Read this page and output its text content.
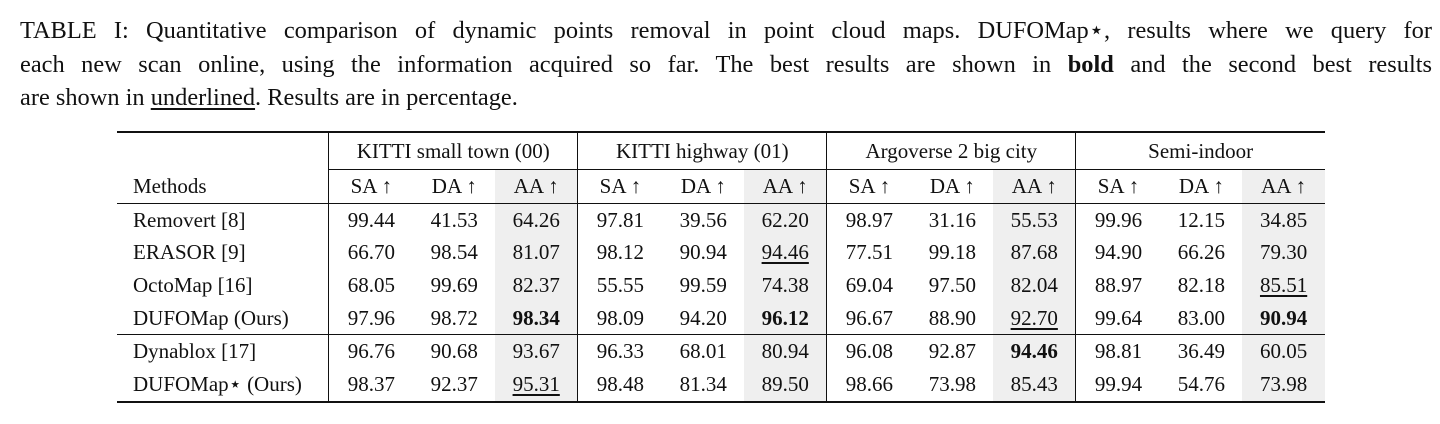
TABLE I: Quantitative comparison of dynamic points removal in point cloud maps. DUFOMap⋆, results where we query for
each new scan online, using the information acquired so far. The best results are shown in bold and the second best results
are shown in underlined. Results are in percentage.
	KITTI small town (00)			KITTI highway (01)			Argoverse 2 big city			Semi-indoor		
Methods	SA ↑	DA ↑	AA ↑	SA ↑	DA ↑	AA ↑	SA ↑	DA ↑	AA ↑	SA ↑	DA ↑	AA ↑
Removert [8]	99.44	41.53	64.26	97.81	39.56	62.20	98.97	31.16	55.53	99.96	12.15	34.85
ERASOR [9]	66.70	98.54	81.07	98.12	90.94	94.46	77.51	99.18	87.68	94.90	66.26	79.30
OctoMap [16]	68.05	99.69	82.37	55.55	99.59	74.38	69.04	97.50	82.04	88.97	82.18	85.51
DUFOMap (Ours)	97.96	98.72	98.34	98.09	94.20	96.12	96.67	88.90	92.70	99.64	83.00	90.94
Dynablox [17]	96.76	90.68	93.67	96.33	68.01	80.94	96.08	92.87	94.46	98.81	36.49	60.05
DUFOMap⋆ (Ours)	98.37	92.37	95.31	98.48	81.34	89.50	98.66	73.98	85.43	99.94	54.76	73.98
